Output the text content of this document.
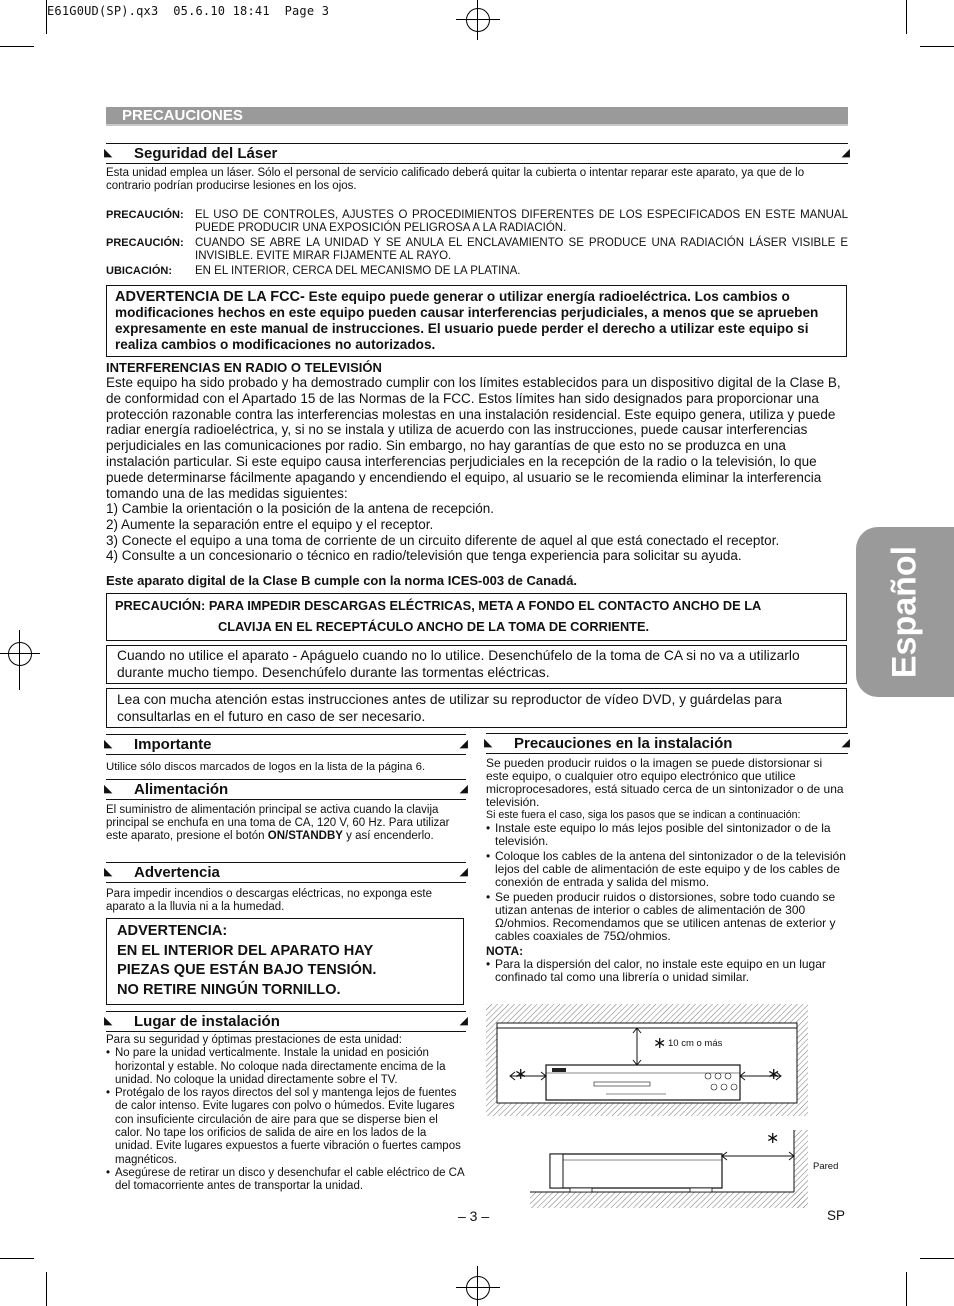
E61G0UD(SP).qx3  05.6.10 18:41  Page 3
Español
PRECAUCIONES
◣ Seguridad del Láser	◢
Esta unidad emplea un láser. Sólo el personal de servicio calificado deberá quitar la cubierta o intentar reparar este aparato, ya que de lo contrario podrían producirse lesiones en los ojos.
PRECAUCIÓN: EL USO DE CONTROLES, AJUSTES O PROCEDIMIENTOS DIFERENTES DE LOS ESPECIFICADOS EN ESTE MANUAL PUEDE PRODUCIR UNA EXPOSICIÓN PELIGROSA A LA RADIACIÓN.
PRECAUCIÓN: CUANDO SE ABRE LA UNIDAD Y SE ANULA EL ENCLAVAMIENTO SE PRODUCE UNA RADIACIÓN LÁSER VISIBLE E INVISIBLE. EVITE MIRAR FIJAMENTE AL RAYO.
UBICACIÓN:	EN EL INTERIOR, CERCA DEL MECANISMO DE LA PLATINA.
ADVERTENCIA DE LA FCC- Este equipo puede generar o utilizar energía radioeléctrica. Los cambios o modificaciones hechos en este equipo pueden causar interferencias perjudiciales, a menos que se aprueben expresamente en este manual de instrucciones. El usuario puede perder el derecho a utilizar este equipo si realiza cambios o modificaciones no autorizados.
INTERFERENCIAS EN RADIO O TELEVISIÓN
Este equipo ha sido probado y ha demostrado cumplir con los límites establecidos para un dispositivo digital de la Clase B, de conformidad con el Apartado 15 de las Normas de la FCC. Estos límites han sido designados para proporcionar una protección razonable contra las interferencias molestas en una instalación residencial. Este equipo genera, utiliza y puede radiar energía radioeléctrica, y, si no se instala y utiliza de acuerdo con las instrucciones, puede causar interferencias perjudiciales en las comunicaciones por radio. Sin embargo, no hay garantías de que esto no se produzca en una instalación particular. Si este equipo causa interferencias perjudiciales en la recepción de la radio o la televisión, lo que puede determinarse fácilmente apagando y encendiendo el equipo, al usuario se le recomienda eliminar la interferencia tomando una de las medidas siguientes:
1) Cambie la orientación o la posición de la antena de recepción.
2) Aumente la separación entre el equipo y el receptor.
3) Conecte el equipo a una toma de corriente de un circuito diferente de aquel al que está conectado el receptor.
4) Consulte a un concesionario o técnico en radio/televisión que tenga experiencia para solicitar su ayuda.
Este aparato digital de la Clase B cumple con la norma ICES-003 de Canadá.
PRECAUCIÓN: PARA IMPEDIR DESCARGAS ELÉCTRICAS, META A FONDO EL CONTACTO ANCHO DE LA
CLAVIJA EN EL RECEPTÁCULO ANCHO DE LA TOMA DE CORRIENTE.
Cuando no utilice el aparato - Apáguelo cuando no lo utilice. Desenchúfelo de la toma de CA si no va a utilizarlo durante mucho tiempo. Desenchúfelo durante las tormentas eléctricas.
Lea con mucha atención estas instrucciones antes de utilizar su reproductor de vídeo DVD, y guárdelas para consultarlas en el futuro en caso de ser necesario.
◣ Importante	◢
Utilice sólo discos marcados de logos en la lista de la página 6.
◣ Alimentación	◢
El suministro de alimentación principal se activa cuando la clavija principal se enchufa en una toma de CA, 120 V, 60 Hz. Para utilizar este aparato, presione el botón ON/STANDBY y así encenderlo.
◣ Advertencia	◢
Para impedir incendios o descargas eléctricas, no exponga este aparato a la lluvia ni a la humedad.
ADVERTENCIA:
EN EL INTERIOR DEL APARATO HAY
PIEZAS QUE ESTÁN BAJO TENSIÓN.
NO RETIRE NINGÚN TORNILLO.
◣ Lugar de instalación	◢
Para su seguridad y óptimas prestaciones de esta unidad:
• No pare la unidad verticalmente. Instale la unidad en posición horizontal y estable. No coloque nada directamente encima de la unidad. No coloque la unidad directamente sobre el TV.
• Protégalo de los rayos directos del sol y mantenga lejos de fuentes de calor intenso. Evite lugares con polvo o húmedos. Evite lugares con insuficiente circulación de aire para que se disperse bien el calor. No tape los orificios de salida de aire en los lados de la unidad. Evite lugares expuestos a fuerte vibración o fuertes campos magnéticos.
• Asegúrese de retirar un disco y desenchufar el cable eléctrico de CA del tomacorriente antes de transportar la unidad.
◣ Precauciones en la instalación	◢
Se pueden producir ruidos o la imagen se puede distorsionar si este equipo, o cualquier otro equipo electrónico que utilice microprocesadores, está situado cerca de un sintonizador o de una televisión.
Si este fuera el caso, siga los pasos que se indican a continuación:
• Instale este equipo lo más lejos posible del sintonizador o de la televisión.
• Coloque los cables de la antena del sintonizador o de la televisión lejos del cable de alimentación de este equipo y de los cables de conexión de entrada y salida del mismo.
• Se pueden producir ruidos o distorsiones, sobre todo cuando se utizan antenas de interior o cables de alimentación de 300 Ω/ohmios. Recomendamos que se utilicen antenas de exterior y cables coaxiales de 75Ω/ohmios.
NOTA:
• Para la dispersión del calor, no instale este equipo en un lugar confinado tal como una librería o unidad similar.
∗ 10 cm o más
∗	∗
∗
Pared
– 3 –	SP
